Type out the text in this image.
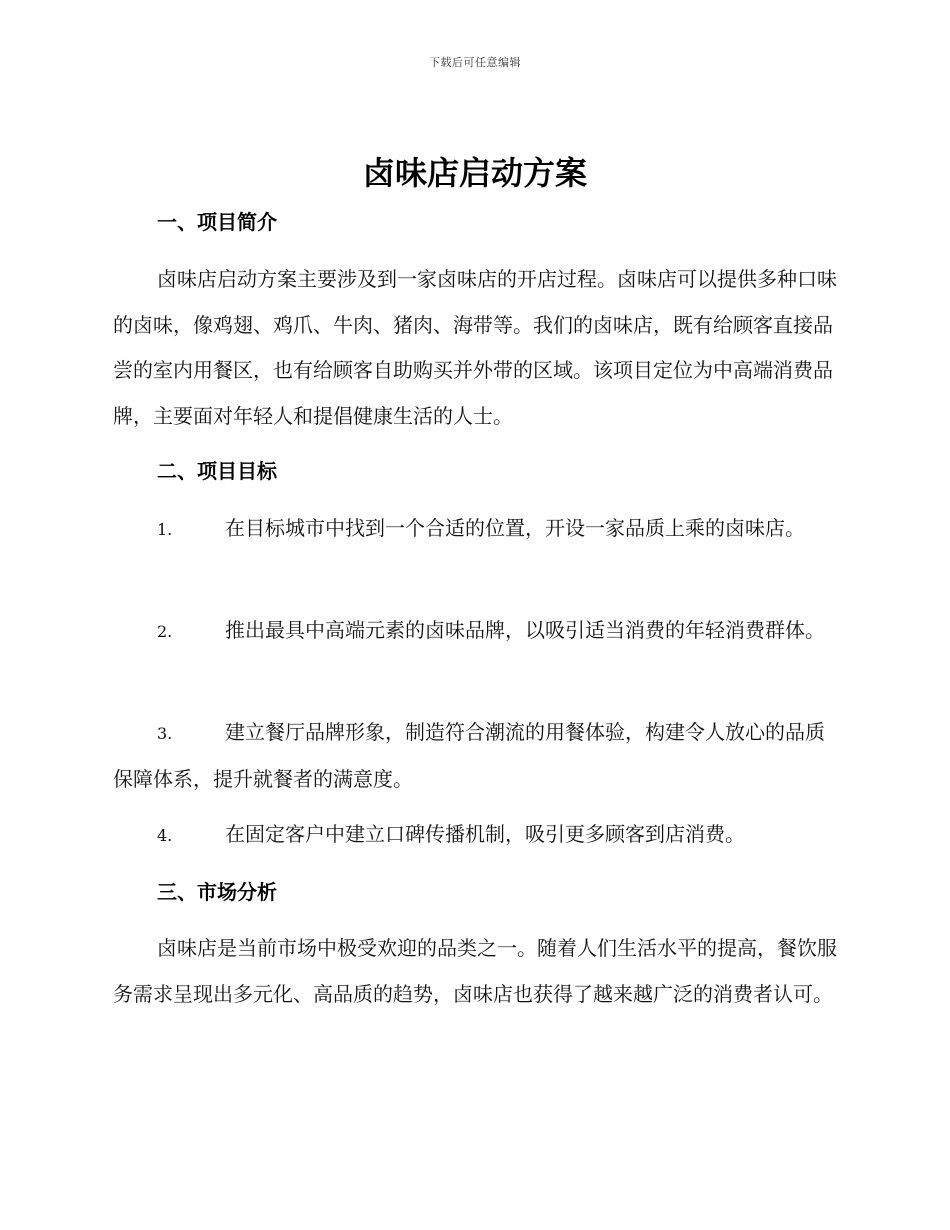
下载后可任意编辑
卤味店启动方案
一、项目简介

卤味店启动方案主要涉及到一家卤味店的开店过程。卤味店可以提供多种口味的卤味，像鸡翅、鸡爪、牛肉、猪肉、海带等。我们的卤味店，既有给顾客直接品尝的室内用餐区，也有给顾客自助购买并外带的区域。该项目定位为中高端消费品牌，主要面对年轻人和提倡健康生活的人士。

二、项目目标
1.	在目标城市中找到一个合适的位置，开设一家品质上乘的卤味店。
2.	推出最具中高端元素的卤味品牌，以吸引适当消费的年轻消费群体。
3.	建立餐厅品牌形象，制造符合潮流的用餐体验，构建令人放心的品质保障体系，提升就餐者的满意度。
4.	在固定客户中建立口碑传播机制，吸引更多顾客到店消费。
三、市场分析

卤味店是当前市场中极受欢迎的品类之一。随着人们生活水平的提高，餐饮服务需求呈现出多元化、高品质的趋势，卤味店也获得了越来越广泛的消费者认可。
